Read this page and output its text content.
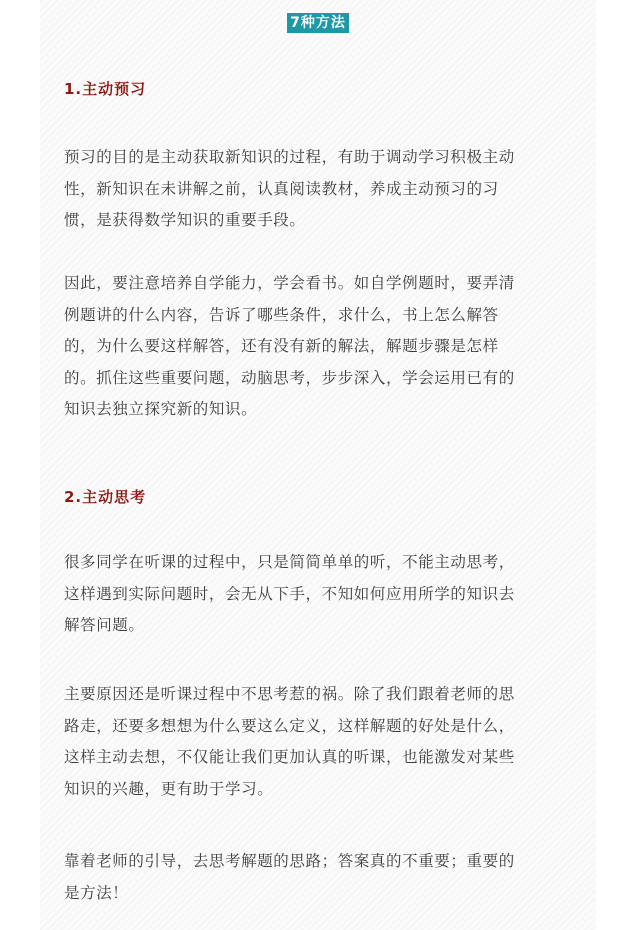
7种方法
1.主动预习
预习的目的是主动获取新知识的过程，有助于调动学习积极主动
性，新知识在未讲解之前，认真阅读教材，养成主动预习的习
惯，是获得数学知识的重要手段。
因此，要注意培养自学能力，学会看书。如自学例题时，要弄清
例题讲的什么内容，告诉了哪些条件，求什么，书上怎么解答
的，为什么要这样解答，还有没有新的解法，解题步骤是怎样
的。抓住这些重要问题，动脑思考，步步深入，学会运用已有的
知识去独立探究新的知识。
2.主动思考
很多同学在听课的过程中，只是简简单单的听，不能主动思考，
这样遇到实际问题时，会无从下手，不知如何应用所学的知识去
解答问题。
主要原因还是听课过程中不思考惹的祸。除了我们跟着老师的思
路走，还要多想想为什么要这么定义，这样解题的好处是什么，
这样主动去想，不仅能让我们更加认真的听课，也能激发对某些
知识的兴趣，更有助于学习。
靠着老师的引导，去思考解题的思路；答案真的不重要；重要的
是方法！
